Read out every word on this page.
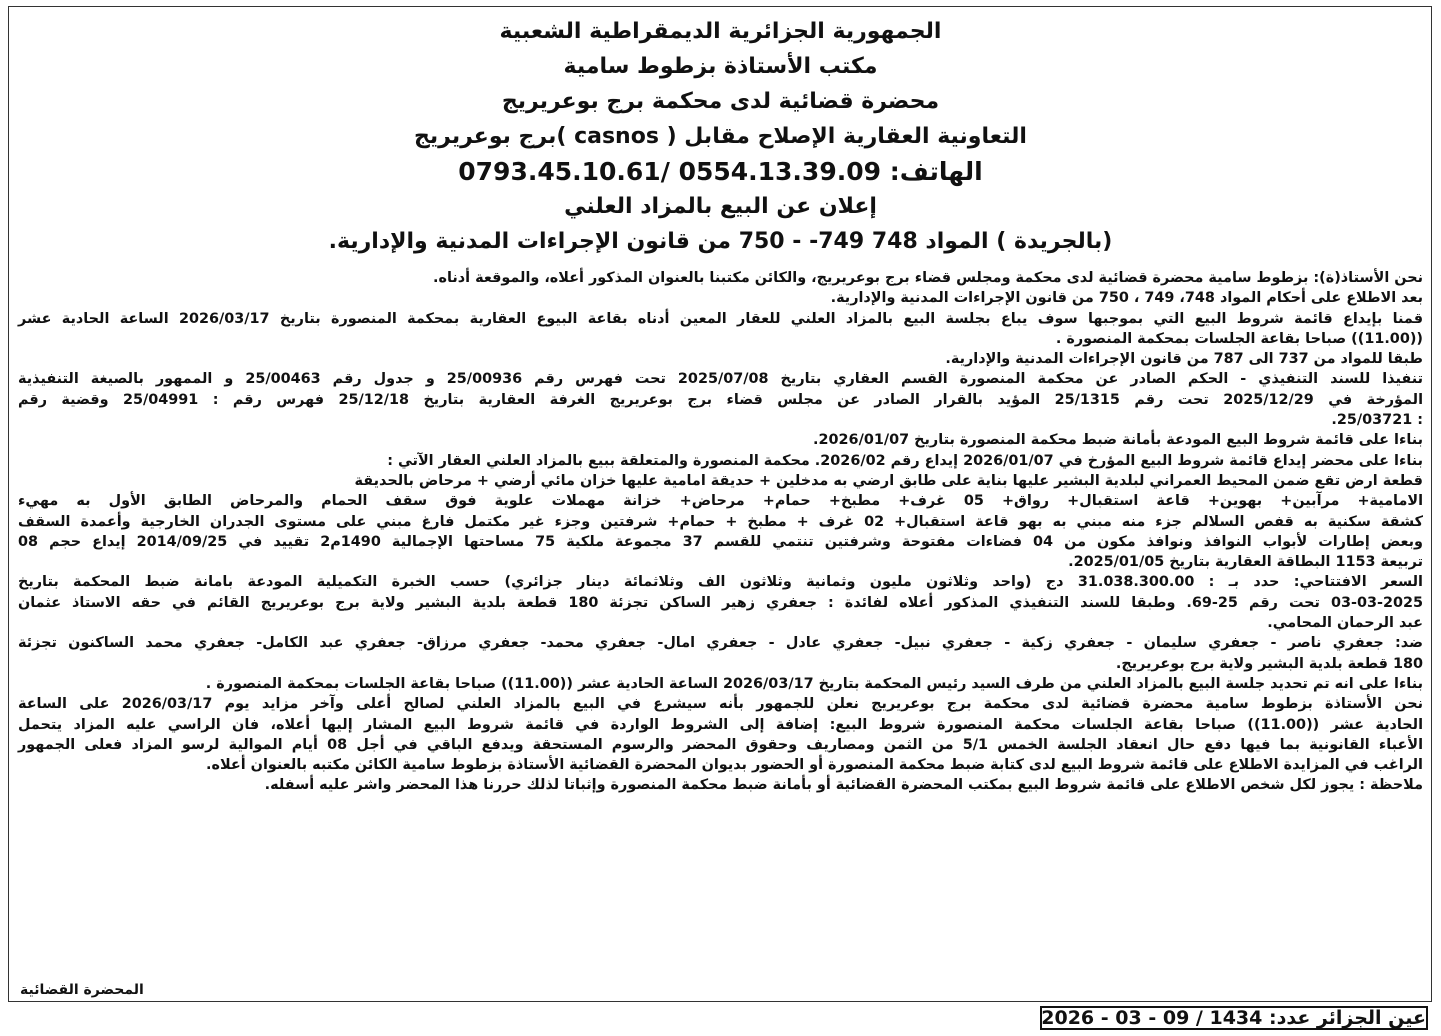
الجمهورية الجزائرية الديمقراطية الشعبية
مكتب الأستاذة بزطوط سامية
محضرة قضائية لدى محكمة برج بوعريريج
التعاونية العقارية الإصلاح مقابل ( casnos )برج بوعريريج
الهاتف: 0554.13.39.09 /0793.45.10.61
إعلان عن البيع بالمزاد العلني
(بالجريدة ) المواد 748 749- - 750 من قانون الإجراءات المدنية والإدارية.

نحن الأستاذ(ة): بزطوط سامية محضرة قضائية لدى محكمة ومجلس قضاء برج بوعريريج، والكائن مكتبنا بالعنوان المذكور أعلاه، والموقعة أدناه.

بعد الاطلاع على أحكام المواد 748، 749 ، 750 من قانون الإجراءات المدنية والإدارية.

قمنا بإيداع قائمة شروط البيع التي بموجبها سوف يباع بجلسة البيع بالمزاد العلني للعقار المعين أدناه بقاعة البيوع العقارية بمحكمة المنصورة بتاريخ 2026/03/17 الساعة الحادية عشر

((11.00)) صباحا بقاعة الجلسات بمحكمة المنصورة .

طبقا للمواد من 737 الى 787 من قانون الإجراءات المدنية والإدارية.

تنفيذا للسند التنفيذي - الحكم الصادر عن محكمة المنصورة القسم العقاري بتاريخ 2025/07/08 تحت فهرس رقم 25/00936 و جدول رقم 25/00463 و الممهور بالصيغة التنفيذية

المؤرخة في 2025/12/29 تحت رقم 25/1315 المؤيد بالقرار الصادر عن مجلس قضاء برج بوعريريج الغرفة العقارية بتاريخ 25/12/18 فهرس رقم : 25/04991 وقضية رقم

: 25/03721.

بناءا على قائمة شروط البيع المودعة بأمانة ضبط محكمة المنصورة بتاريخ 2026/01/07.

بناءا على محضر إيداع قائمة شروط البيع المؤرخ في 2026/01/07 إيداع رقم 2026/02. محكمة المنصورة والمتعلقة ببيع بالمزاد العلني العقار الآتي :

قطعة ارض تقع ضمن المحيط العمراني لبلدية البشير عليها بناية على طابق ارضي به مدخلين + حديقة امامية عليها خزان مائي أرضي + مرحاض بالحديقة

الامامية+ مرآبين+ بهوين+ قاعة استقبال+ رواق+ 05 غرف+ مطبخ+ حمام+ مرحاض+ خزانة مهملات علوية فوق سقف الحمام والمرحاض الطابق الأول به مهيء

كشقة سكنية به قفص السلالم جزء منه مبني به بهو قاعة استقبال+ 02 غرف + مطبخ + حمام+ شرفتين وجزء غير مكتمل فارغ مبني على مستوى الجدران الخارجية وأعمدة السقف

وبعض إطارات لأبواب النوافذ ونوافذ مكون من 04 فضاءات مفتوحة وشرفتين تنتمي للقسم 37 مجموعة ملكية 75 مساحتها الإجمالية 1490م2 تقييد في 2014/09/25 إيداع حجم 08

تربيعة 1153 البطاقة العقارية بتاريخ 2025/01/05.

السعر الافتتاحي: حدد بـ : 31.038.300.00 دج (واحد وثلاثون مليون وثمانية وثلاثون الف وثلاثمائة دينار جزائري) حسب الخبرة التكميلية المودعة بامانة ضبط المحكمة بتاريخ

03-03-2025 تحت رقم 25-69. وطبقا للسند التنفيذي المذكور أعلاه لفائدة : جعفري زهير الساكن تجزئة 180 قطعة بلدية البشير ولاية برج بوعريريج القائم في حقه الاستاذ عثمان

عبد الرحمان المحامي.

ضد: جعفري ناصر - جعفري سليمان - جعفري زكية - جعفري نبيل- جعفري عادل - جعفري امال- جعفري محمد- جعفري مرزاق- جعفري عبد الكامل- جعفري محمد الساكنون تجزئة

180 قطعة بلدية البشير ولاية برج بوعريريج.

بناءا على انه تم تحديد جلسة البيع بالمزاد العلني من طرف السيد رئيس المحكمة بتاريخ 2026/03/17 الساعة الحادية عشر ((11.00)) صباحا بقاعة الجلسات بمحكمة المنصورة .

نحن الأستاذة بزطوط سامية محضرة قضائية لدى محكمة برج بوعريريج نعلن للجمهور بأنه سيشرع في البيع بالمزاد العلني لصالح أعلى وآخر مزايد يوم 2026/03/17 على الساعة

الحادية عشر ((11.00)) صباحا بقاعة الجلسات محكمة المنصورة شروط البيع: إضافة إلى الشروط الواردة في قائمة شروط البيع المشار إليها أعلاه، فان الراسي عليه المزاد يتحمل

الأعباء القانونية بما فيها دفع حال انعقاد الجلسة الخمس 5/1 من الثمن ومصاريف وحقوق المحضر والرسوم المستحقة ويدفع الباقي في أجل 08 أيام الموالية لرسو المزاد فعلى الجمهور

الراغب في المزايدة الاطلاع على قائمة شروط البيع لدى كتابة ضبط محكمة المنصورة أو الحضور بديوان المحضرة القضائية الأستاذة بزطوط سامية الكائن مكتبه بالعنوان أعلاه.

ملاحظة : يجوز لكل شخص الاطلاع على قائمة شروط البيع بمكتب المحضرة القضائية أو بأمانة ضبط محكمة المنصورة وإثباتا لذلك حررنا هذا المحضر واشر عليه أسفله.

المحضرة القضائية
عين الجزائر عدد: 1434 / 09 - 03 - 2026
